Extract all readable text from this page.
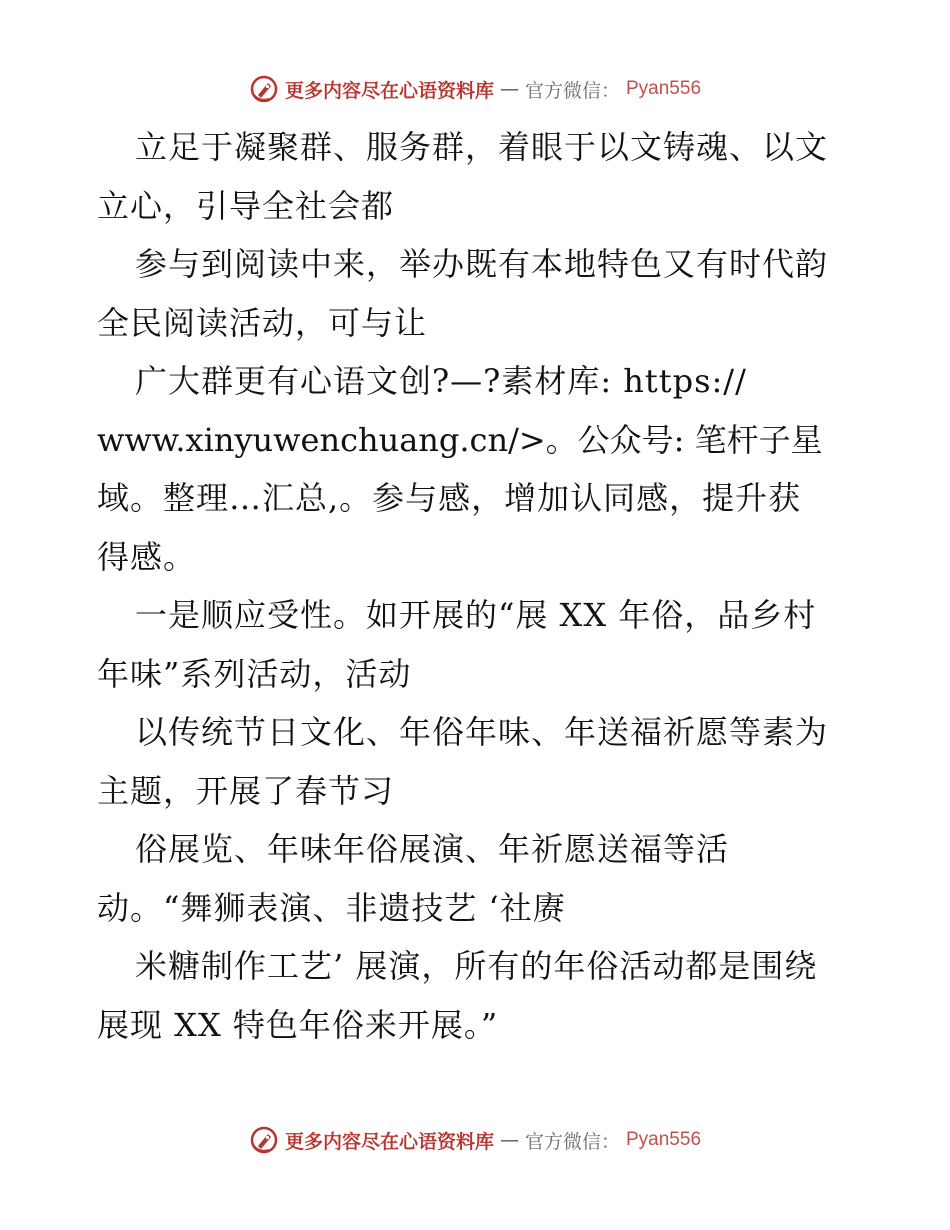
更多内容尽在心语资料库 — 官方微信： Pyan556
立足于凝聚群、服务群，着眼于以文铸魂、以文
立心，引导全社会都
参与到阅读中来，举办既有本地特色又有时代韵
全民阅读活动，可与让
广大群更有心语文创?—?素材库: https://
www.xinyuwenchuang.cn/>。公众号: 笔杆子星
域。整理…汇总,。参与感，增加认同感，提升获
得感。
一是顺应受性。如开展的“展 XX 年俗，品乡村
年味”系列活动，活动
以传统节日文化、年俗年味、年送福祈愿等素为
主题，开展了春节习
俗展览、年味年俗展演、年祈愿送福等活
动。“舞狮表演、非遗技艺 ‘社赓
米糖制作工艺’ 展演，所有的年俗活动都是围绕
展现 XX 特色年俗来开展。”
更多内容尽在心语资料库 — 官方微信： Pyan556
